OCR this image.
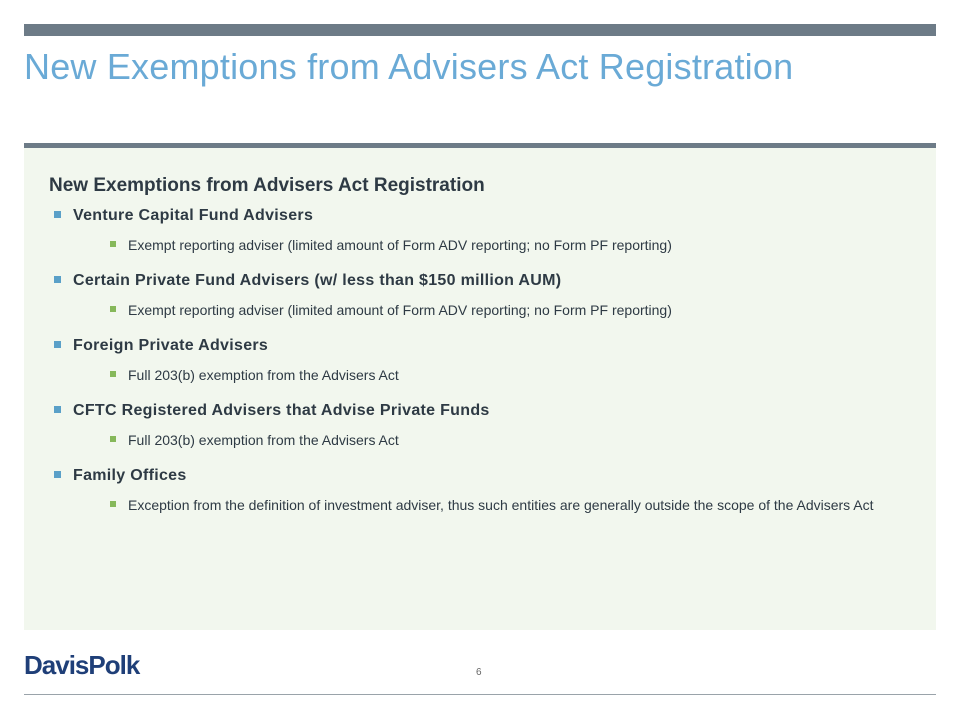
New Exemptions from Advisers Act Registration
New Exemptions from Advisers Act Registration
Venture Capital Fund Advisers
Exempt reporting adviser (limited amount of Form ADV reporting; no Form PF reporting)
Certain Private Fund Advisers (w/ less than $150 million AUM)
Exempt reporting adviser (limited amount of Form ADV reporting; no Form PF reporting)
Foreign Private Advisers
Full 203(b) exemption from the Advisers Act
CFTC Registered Advisers that Advise Private Funds
Full 203(b) exemption from the Advisers Act
Family Offices
Exception from the definition of investment adviser, thus such entities are generally outside the scope of the Advisers Act
DavisPolk	6
